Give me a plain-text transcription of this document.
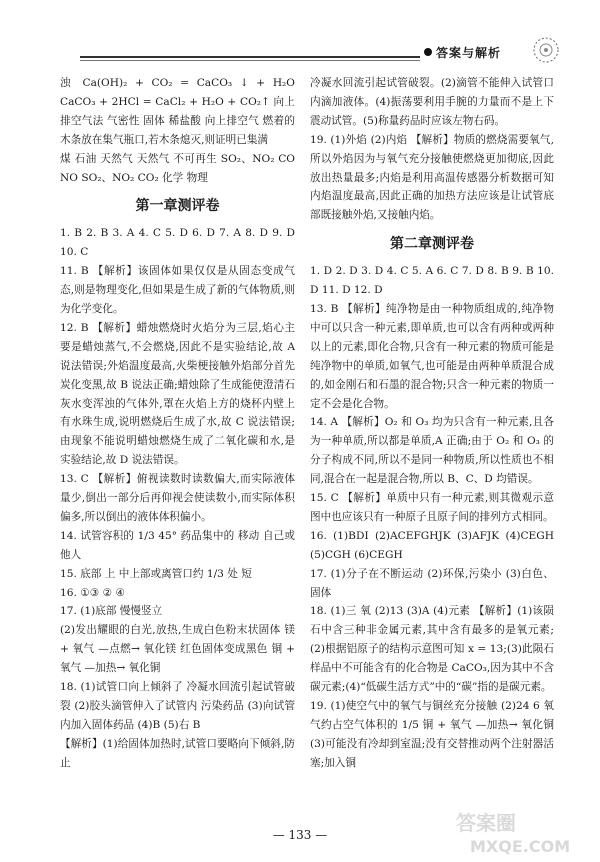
答案与解析

浊 Ca(OH)₂ + CO₂ = CaCO₃ ↓ + H₂O CaCO₃ + 2HCl = CaCl₂ + H₂O + CO₂↑ 向上排空气法 气密性 固体 稀盐酸 向上排空气 燃着的木条放在集气瓶口,若木条熄灭,则证明已集满

煤 石油 天然气 天然气 不可再生 SO₂、NO₂ CO NO SO₂、NO₂ CO₂ 化学 物理

第一章测评卷

1. B 2. B 3. A 4. C 5. D 6. D 7. A 8. D 9. D 10. C

11. B 【解析】该固体如果仅仅是从固态变成气态,则是物理变化,但如果是生成了新的气体物质,则为化学变化。

12. B 【解析】蜡烛燃烧时火焰分为三层,焰心主要是蜡烛蒸气,不会燃烧,因此不是实验结论,故 A 说法错误;外焰温度最高,火柴梗接触外焰部分首先炭化变黑,故 B 说法正确;蜡烛除了生成能使澄清石灰水变浑浊的气体外,罩在火焰上方的烧杯内壁上有水珠生成,说明燃烧后生成了水,故 C 说法错误;由现象不能说明蜡烛燃烧生成了二氧化碳和水,是实验结论,故 D 说法错误。

13. C 【解析】俯视读数时读数偏大,而实际液体量少,倒出一部分后再仰视会使读数小,而实际体积偏多,所以倒出的液体体积偏小。

14. 试管容积的 1/3 45° 药品集中的 移动 自己或他人

15. 底部 上 中上部或离管口约 1/3 处 短

16. ①③ ② ④

17. (1)底部 慢慢竖立

(2)发出耀眼的白光,放热,生成白色粉末状固体 镁 + 氧气 —点燃→ 氧化镁 红色固体变成黑色 铜 + 氧气 —加热→ 氧化铜

18. (1)试管口向上倾斜了 冷凝水回流引起试管破裂 (2)胶头滴管伸入了试管内 污染药品 (3)向试管内加入固体药品 (4)B (5)右 B

【解析】(1)给固体加热时,试管口要略向下倾斜,防止

冷凝水回流引起试管破裂。(2)滴管不能伸入试管口内滴加液体。(4)振荡要利用手腕的力量而不是上下震动试管。(5)称量药品时应该左物右码。

19. (1)外焰 (2)内焰 【解析】物质的燃烧需要氧气,所以外焰因为与氧气充分接触使燃烧更加彻底,因此放出热量最多;内焰是利用高温传感器分析数据可知内焰温度最高,因此正确的加热方法应该是让试管底部既接触外焰,又接触内焰。

第二章测评卷

1. D 2. D 3. D 4. C 5. A 6. C 7. D 8. B 9. B 10. D 11. D 12. D

13. B 【解析】纯净物是由一种物质组成的,纯净物中可以只含一种元素,即单质,也可以含有两种或两种以上的元素,即化合物,只含有一种元素的物质可能是纯净物中的单质,如氧气,也可能是由两种单质混合成的,如金刚石和石墨的混合物;只含一种元素的物质一定不会是化合物。

14. A 【解析】O₂ 和 O₃ 均为只含有一种元素,且各为一种单质,所以都是单质,A 正确;由于 O₂ 和 O₃ 的分子构成不同,所以不是同一种物质,所以性质也不相同,混合在一起是混合物,所以 B、C、D 均错误。

15. C 【解析】单质中只有一种元素,则其微观示意图中也应该只有一种原子且原子间的排列方式相同。

16. (1)BDI (2)ACEFGHJK (3)AFJK (4)CEGH (5)CGH (6)CEGH

17. (1)分子在不断运动 (2)环保,污染小 (3)白色、固体

18. (1)三 氧 (2)13 (3)A (4)元素 【解析】(1)该陨石中含三种非金属元素,其中含有最多的是氧元素;(2)根据铝原子的结构示意图可知 x = 13;(3)此陨石样品中不可能含有的化合物是 CaCO₃,因为其中不含碳元素;(4)“低碳生活方式”中的“碳”指的是碳元素。

19. (1)使空气中的氧气与铜丝充分接触 (2)24 6 氧气约占空气体积的 1/5 铜 + 氧气 —加热→ 氧化铜 (3)可能没有冷却到室温;没有交替推动两个注射器活塞;加入铜

— 133 —	答案圈
MXQE.COM
